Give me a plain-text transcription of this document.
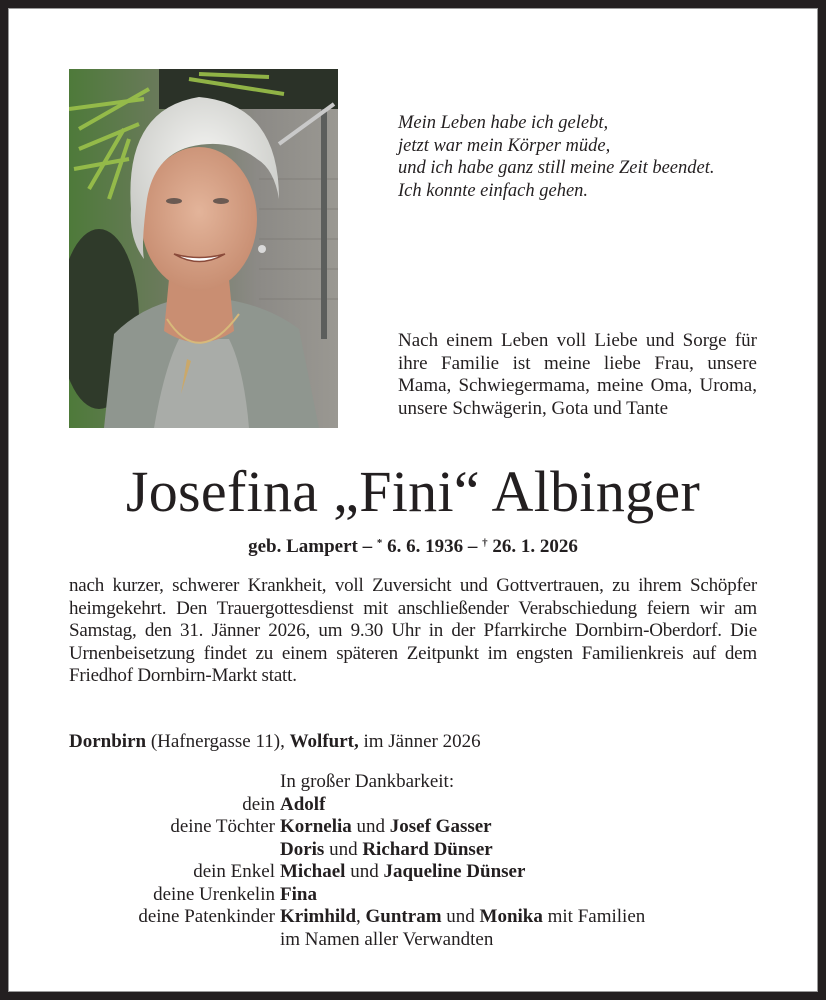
Mein Leben habe ich gelebt,
jetzt war mein Körper müde,
und ich habe ganz still meine Zeit beendet.
Ich konnte einfach gehen.
Nach einem Leben voll Liebe und Sorge für ihre Familie ist meine liebe Frau, unsere Mama, Schwiegermama, meine Oma, Uroma, unsere Schwägerin, Gota und Tante
Josefina „Fini“ Albinger
geb. Lampert – * 6. 6. 1936 – † 26. 1. 2026
nach kurzer, schwerer Krankheit, voll Zuversicht und Gottvertrauen, zu ihrem Schöpfer heimgekehrt. Den Trauergottesdienst mit anschließender Verabschiedung feiern wir am Samstag, den 31. Jänner 2026, um 9.30 Uhr in der Pfarrkirche Dornbirn-Oberdorf. Die Urnenbeisetzung findet zu einem späteren Zeitpunkt im engsten Familienkreis auf dem Friedhof Dornbirn-Markt statt.
Dornbirn (Hafnergasse 11), Wolfurt, im Jänner 2026
In großer Dankbarkeit:
dein Adolf
deine Töchter Kornelia und Josef Gasser
Doris und Richard Dünser
dein Enkel Michael und Jaqueline Dünser
deine Urenkelin Fina
deine Patenkinder Krimhild, Guntram und Monika mit Familien
im Namen aller Verwandten
